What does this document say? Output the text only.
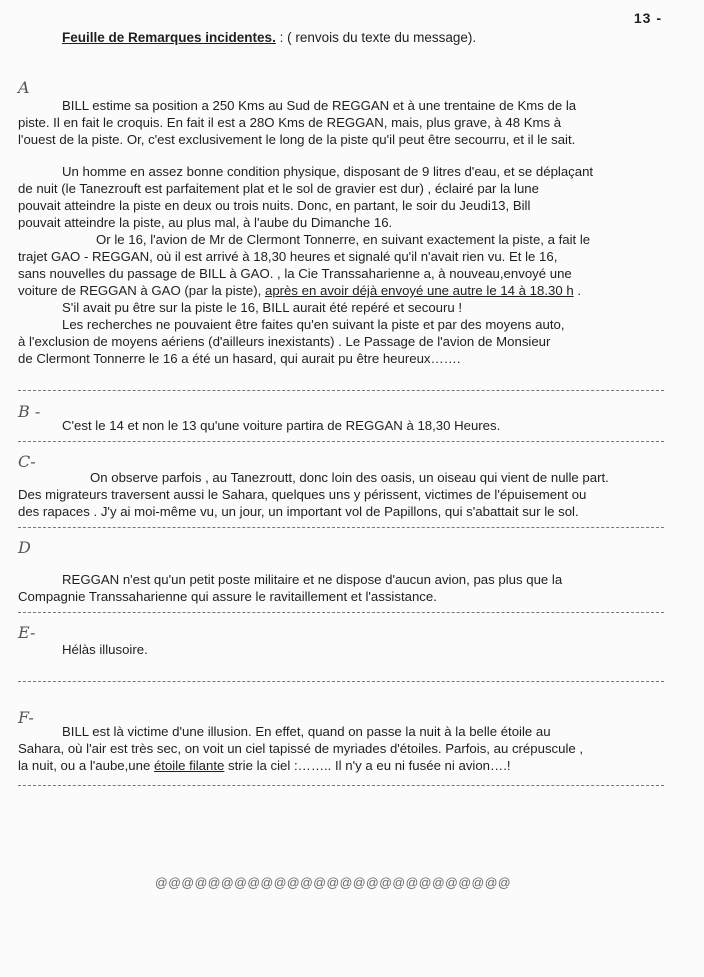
13 -
Feuille de Remarques incidentes. : ( renvois du texte du message).
A
BILL estime sa position a 250 Kms au Sud de REGGAN et à une trentaine de Kms de la
piste. Il en fait le croquis. En fait il est a 28O Kms de REGGAN, mais, plus grave, à 48 Kms à
l'ouest de la piste. Or, c'est exclusivement le long de la piste qu'il peut être secourru, et il le sait.
Un homme en assez bonne condition physique, disposant de 9 litres d'eau, et se déplaçant
de nuit (le Tanezrouft est parfaitement plat et le sol de gravier est dur) , éclairé par la lune
pouvait atteindre la piste en deux ou trois nuits. Donc, en partant, le soir du Jeudi13, Bill
pouvait atteindre la piste, au plus mal, à l'aube du Dimanche 16.
Or le 16, l'avion de Mr de Clermont Tonnerre, en suivant exactement la piste, a fait le
trajet GAO - REGGAN, où il est arrivé à 18,30 heures et signalé qu'il n'avait rien vu. Et le 16,
sans nouvelles du passage de BILL à GAO. , la Cie Transsaharienne a, à nouveau,envoyé une
voiture de REGGAN à GAO (par la piste), après en avoir déjà envoyé une autre le 14 à 18.30 h .
S'il avait pu être sur la piste le 16, BILL aurait été repéré et secouru !
Les recherches ne pouvaient être faites qu'en suivant la piste et par des moyens auto,
à l'exclusion de moyens aériens (d'ailleurs inexistants) . Le Passage de l'avion de Monsieur
de Clermont Tonnerre le 16 a été un hasard, qui aurait pu être heureux…….
B -
C'est le 14 et non le 13 qu'une voiture partira de REGGAN à 18,30 Heures.
C-
On observe parfois , au Tanezroutt, donc loin des oasis, un oiseau qui vient de nulle part.
Des migrateurs traversent aussi le Sahara, quelques uns y périssent, victimes de l'épuisement ou
des rapaces . J'y ai moi-même vu, un jour, un important vol de Papillons, qui s'abattait sur le sol.
D
REGGAN n'est qu'un petit poste militaire et ne dispose d'aucun avion, pas plus que la
Compagnie Transsaharienne qui assure le ravitaillement et l'assistance.
E-
Hélàs illusoire.
F-
BILL est là victime d'une illusion. En effet, quand on passe la nuit à la belle étoile au
Sahara, où l'air est très sec, on voit un ciel tapissé de myriades d'étoiles. Parfois, au crépuscule ,
la nuit, ou a l'aube,une étoile filante strie la ciel :…….. Il n'y a eu ni fusée ni avion….!
@@@@@@@@@@@@@@@@@@@@@@@@@@@
